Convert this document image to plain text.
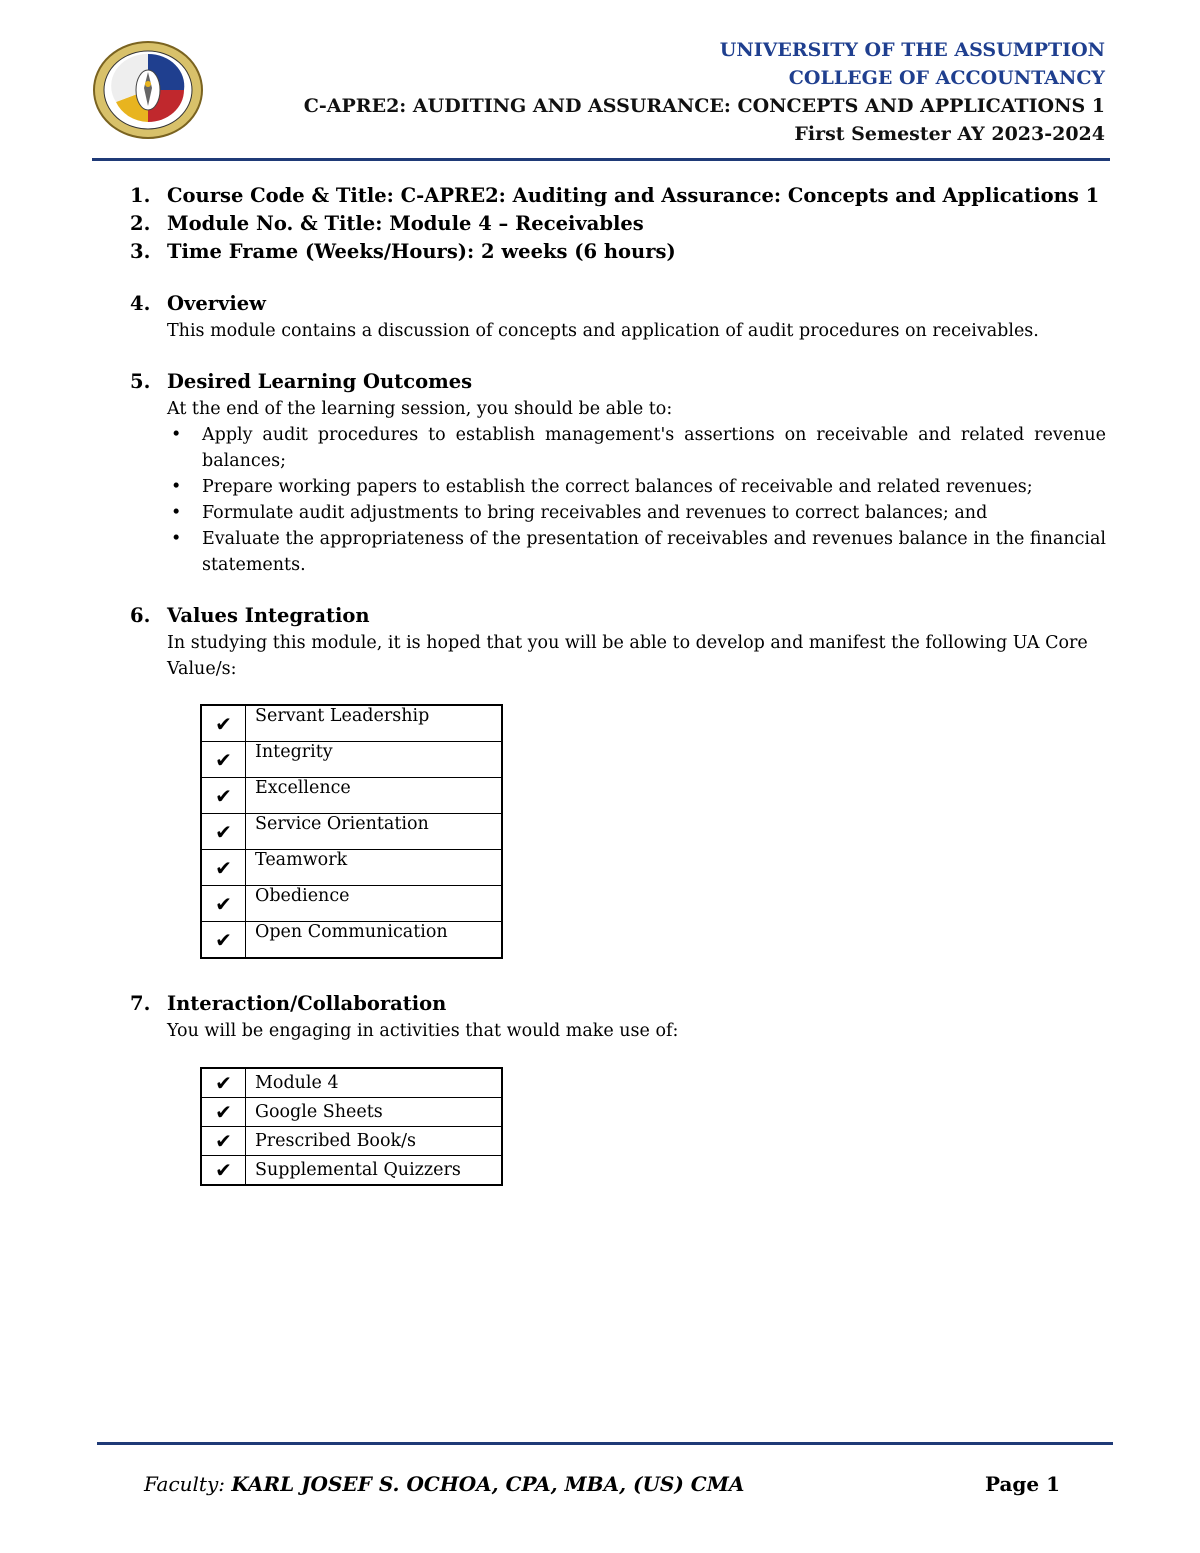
UNIVERSITY OF THE ASSUMPTION
COLLEGE OF ACCOUNTANCY
C-APRE2: AUDITING AND ASSURANCE: CONCEPTS AND APPLICATIONS 1
First Semester AY 2023-2024
1. Course Code & Title: C-APRE2: Auditing and Assurance: Concepts and Applications 1
2. Module No. & Title: Module 4 – Receivables
3. Time Frame (Weeks/Hours): 2 weeks (6 hours)
4. Overview
This module contains a discussion of concepts and application of audit procedures on receivables.
5. Desired Learning Outcomes
At the end of the learning session, you should be able to:
• Apply audit procedures to establish management's assertions on receivable and related revenue balances;
• Prepare working papers to establish the correct balances of receivable and related revenues;
• Formulate audit adjustments to bring receivables and revenues to correct balances; and
• Evaluate the appropriateness of the presentation of receivables and revenues balance in the financial statements.
6. Values Integration
In studying this module, it is hoped that you will be able to develop and manifest the following UA Core Value/s:
✔	Servant Leadership
✔	Integrity
✔	Excellence
✔	Service Orientation
✔	Teamwork
✔	Obedience
✔	Open Communication
7. Interaction/Collaboration
You will be engaging in activities that would make use of:
✔	Module 4
✔	Google Sheets
✔	Prescribed Book/s
✔	Supplemental Quizzers
Faculty: KARL JOSEF S. OCHOA, CPA, MBA, (US) CMA	Page 1
